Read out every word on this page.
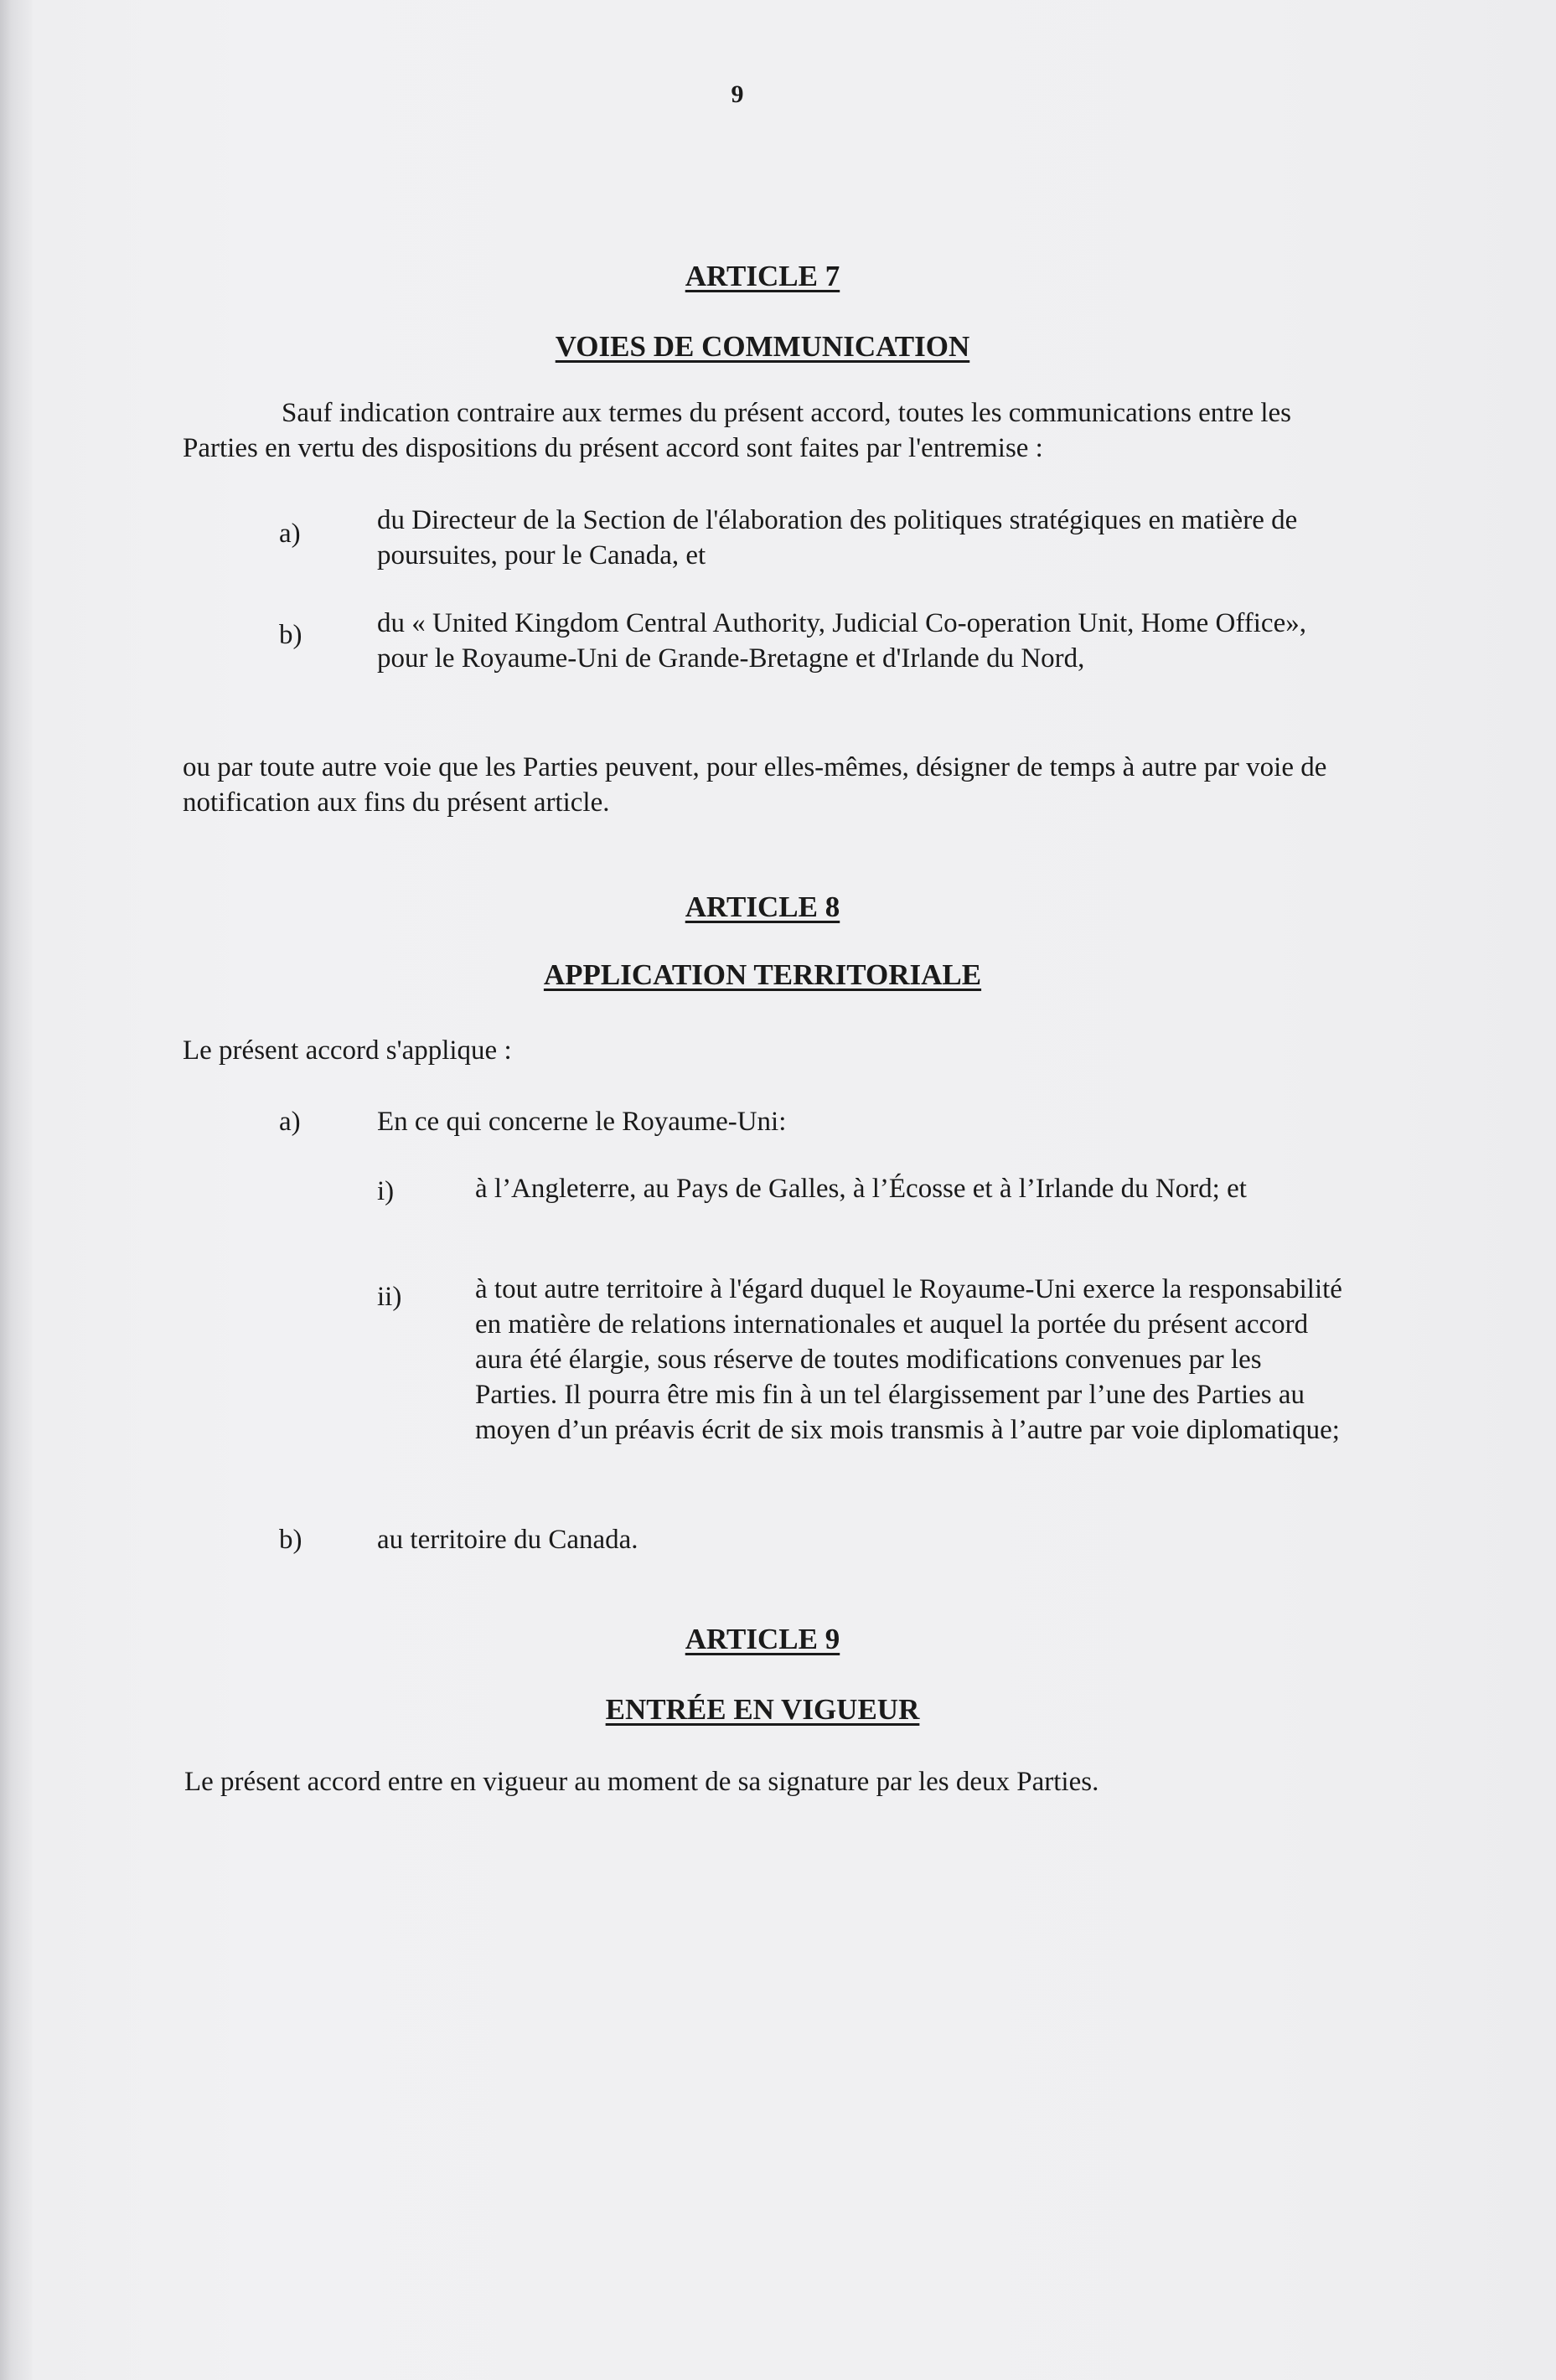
9
ARTICLE 7
VOIES DE COMMUNICATION

Sauf indication contraire aux termes du présent accord, toutes les communications entre les Parties en vertu des dispositions du présent accord sont faites par l'entremise :

a)	du Directeur de la Section de l'élaboration des politiques stratégiques en matière de poursuites, pour le Canada, et

b)	du « United Kingdom Central Authority, Judicial Co-operation Unit, Home Office», pour le Royaume-Uni de Grande-Bretagne et d'Irlande du Nord,

ou par toute autre voie que les Parties peuvent, pour elles-mêmes, désigner de temps à autre par voie de notification aux fins du présent article.

ARTICLE 8
APPLICATION TERRITORIALE

Le présent accord s'applique :

a)	En ce qui concerne le Royaume-Uni:

i)	à l’Angleterre, au Pays de Galles, à l’Écosse et à l’Irlande du Nord; et

ii)	à tout autre territoire à l'égard duquel le Royaume-Uni exerce la responsabilité en matière de relations internationales et auquel la portée du présent accord aura été élargie, sous réserve de toutes modifications convenues par les Parties. Il pourra être mis fin à un tel élargissement par l’une des Parties au moyen d’un préavis écrit de six mois transmis à l’autre par voie diplomatique;

b)	au territoire du Canada.

ARTICLE 9
ENTRÉE EN VIGUEUR

Le présent accord entre en vigueur au moment de sa signature par les deux Parties.
